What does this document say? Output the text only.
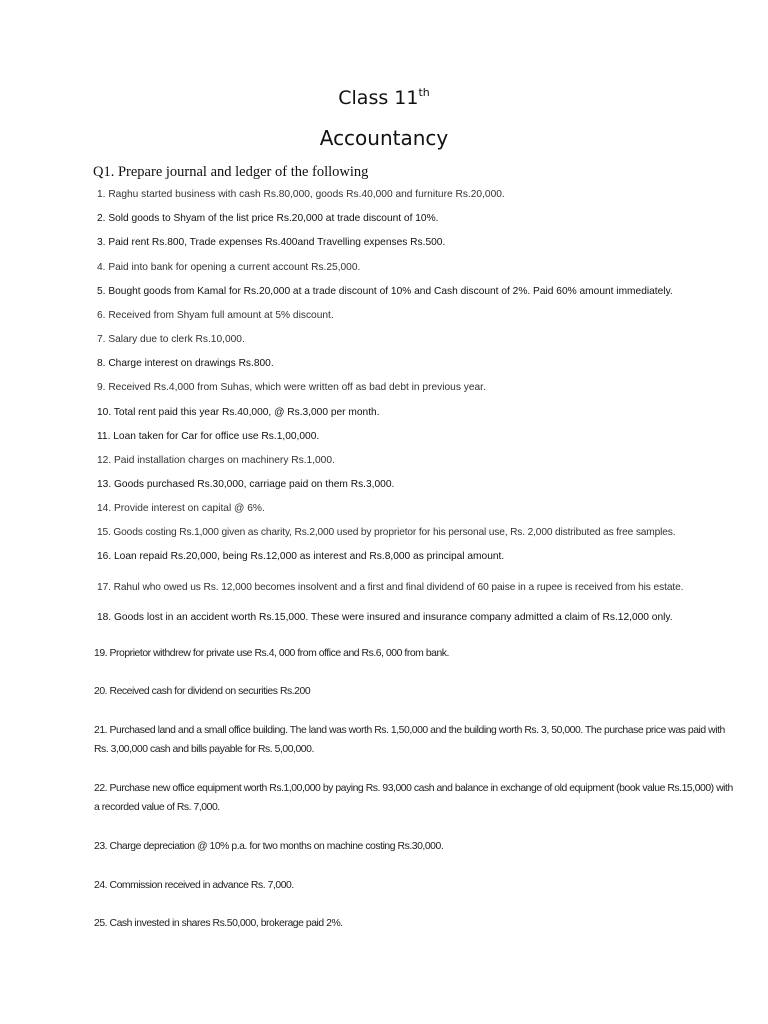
Class 11th
Accountancy
Q1. Prepare journal and ledger of the following
1. Raghu started business with cash Rs.80,000, goods Rs.40,000 and furniture Rs.20,000.
2. Sold goods to Shyam of the list price Rs.20,000 at trade discount of 10%.
3. Paid rent Rs.800, Trade expenses Rs.400and Travelling expenses Rs.500.
4. Paid into bank for opening a current account Rs.25,000.
5. Bought goods from Kamal for Rs.20,000 at a trade discount of 10% and Cash discount of 2%. Paid 60% amount immediately.
6. Received from Shyam full amount at 5% discount.
7. Salary due to clerk Rs.10,000.
8. Charge interest on drawings Rs.800.
9. Received Rs.4,000 from Suhas, which were written off as bad debt in previous year.
10. Total rent paid this year Rs.40,000, @ Rs.3,000 per month.
11. Loan taken for Car for office use Rs.1,00,000.
12. Paid installation charges on machinery Rs.1,000.
13. Goods purchased Rs.30,000, carriage paid on them Rs.3,000.
14. Provide interest on capital @ 6%.
15. Goods costing Rs.1,000 given as charity, Rs.2,000 used by proprietor for his personal use, Rs. 2,000 distributed as free samples.
16. Loan repaid Rs.20,000, being Rs.12,000 as interest and Rs.8,000 as principal amount.
17. Rahul who owed us Rs. 12,000 becomes insolvent and a first and final dividend of 60 paise in a rupee is received from his estate.
18. Goods lost in an accident worth Rs.15,000. These were insured and insurance company admitted a claim of Rs.12,000 only.
19. Proprietor withdrew for private use Rs.4, 000 from office and Rs.6, 000 from bank.
20. Received cash for dividend on securities Rs.200
21. Purchased land and a small office building. The land was worth Rs. 1,50,000 and the building worth Rs. 3, 50,000. The purchase price was paid with Rs. 3,00,000 cash and bills payable for Rs. 5,00,000.
22. Purchase new office equipment worth Rs.1,00,000 by paying Rs. 93,000 cash and balance in exchange of old equipment (book value Rs.15,000) with a recorded value of Rs. 7,000.
23. Charge depreciation @ 10% p.a. for two months on machine costing Rs.30,000.
24. Commission received in advance Rs. 7,000.
25. Cash invested in shares Rs.50,000, brokerage paid 2%.
